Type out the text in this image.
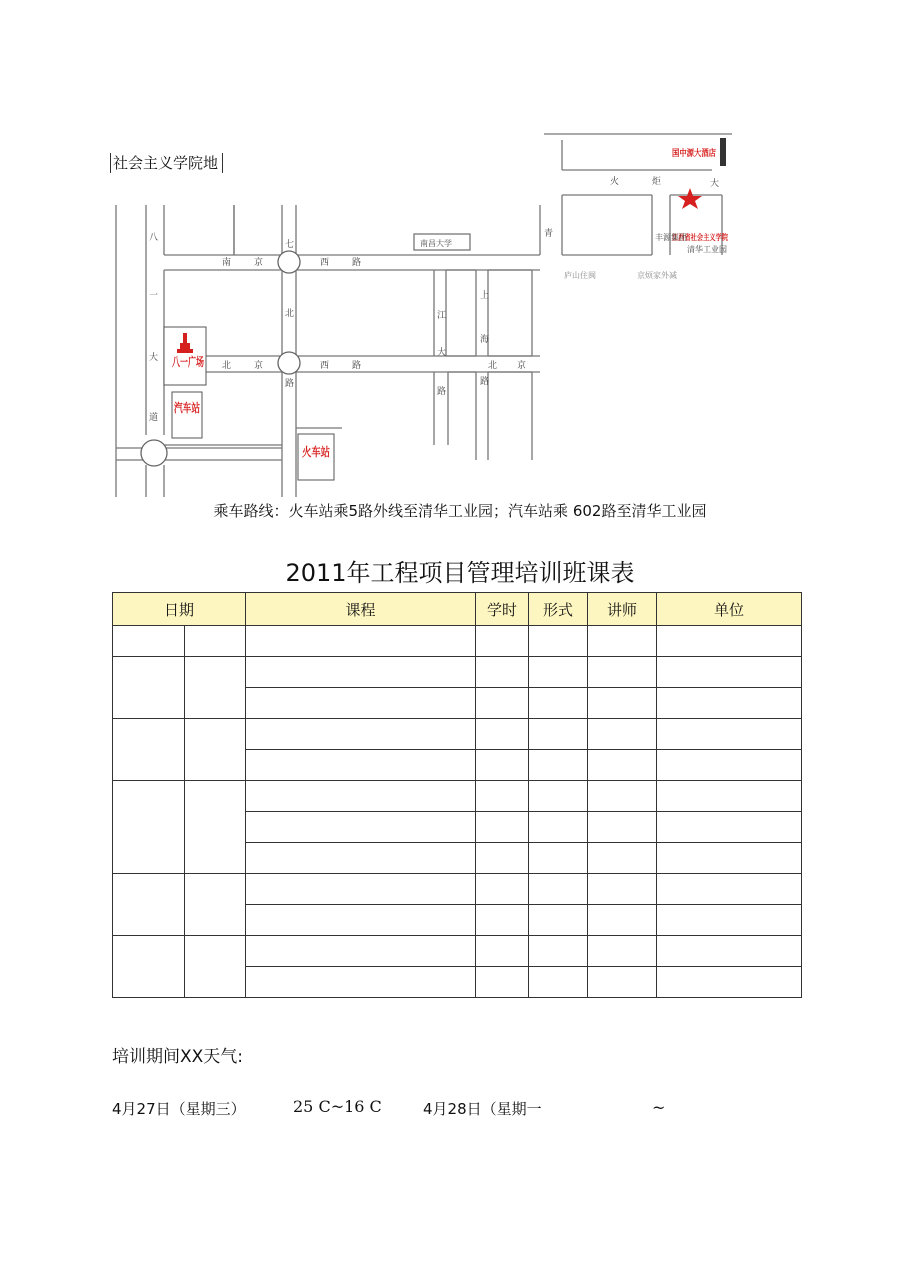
社会主义学院地
南	京	西	路
北	京	西	路
八
一
大
道
七
北
路
江
大
路
上
海
路
北 京
青
火	炬	大
南昌大学
八一广场
汽车站
火车站
国中源大酒店
江西省社会主义学院
丰源集团
清华工业园
庐山住闽	京烦家外减
乘车路线：火车站乘5路外线至清华工业园；汽车站乘 602路至清华工业园
2011年工程项目管理培训班课表
日期		课程	学时	形式	讲师	单位

培训期间XX天气:
4月27日（星期三）	25 C~16 C	4月28日（星期一	~
